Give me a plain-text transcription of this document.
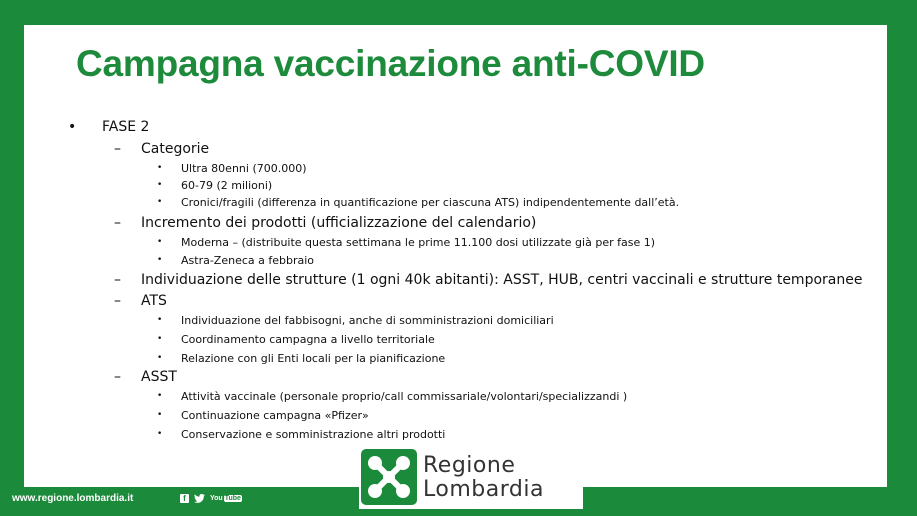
Campagna vaccinazione anti-COVID
• FASE 2
– Categorie
• Ultra 80enni (700.000)
• 60-79 (2 milioni)
• Cronici/fragili (differenza in quantificazione per ciascuna ATS) indipendentemente dall’età.
– Incremento dei prodotti (ufficializzazione del calendario)
• Moderna – (distribuite questa settimana le prime 11.100 dosi utilizzate già per fase 1)
• Astra-Zeneca a febbraio
– Individuazione delle strutture (1 ogni 40k abitanti): ASST, HUB, centri vaccinali e strutture temporanee
– ATS
• Individuazione del fabbisogni, anche di somministrazioni domiciliari
• Coordinamento campagna a livello territoriale
• Relazione con gli Enti locali per la pianificazione
– ASST
• Attività vaccinale (personale proprio/call commissariale/volontari/specializzandi )
• Continuazione campagna «Pfizer»
• Conservazione e somministrazione altri prodotti
www.regione.lombardia.it	f	You Tube
Regione
Lombardia
